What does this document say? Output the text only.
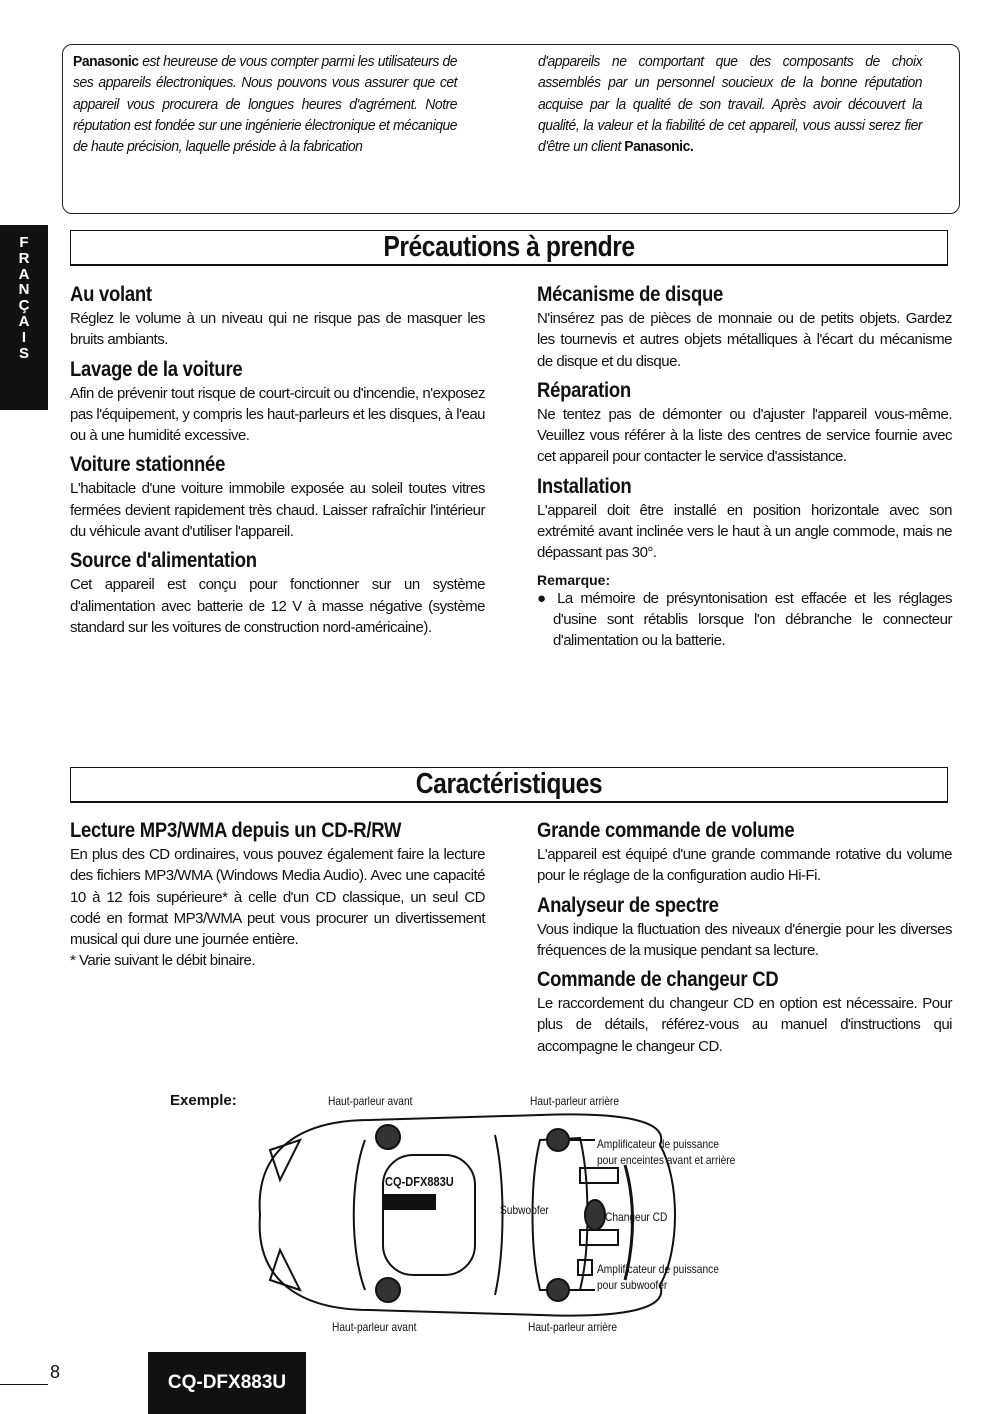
Panasonic est heureuse de vous compter parmi les utilisateurs de ses appareils électroniques. Nous pouvons vous assurer que cet appareil vous procurera de longues heures d'agrément. Notre réputation est fondée sur une ingénierie électronique et mécanique de haute précision, laquelle préside à la fabrication

d'appareils ne comportant que des composants de choix assemblés par un personnel soucieux de la bonne réputation acquise par la qualité de son travail. Après avoir découvert la qualité, la valeur et la fiabilité de cet appareil, vous aussi serez fier d'être un client Panasonic.

F
R
A
N
Ç
A
I
S
Précautions à prendre
Au volant

Réglez le volume à un niveau qui ne risque pas de masquer les bruits ambiants.

Lavage de la voiture

Afin de prévenir tout risque de court-circuit ou d'incendie, n'exposez pas l'équipement, y compris les haut-parleurs et les disques, à l'eau ou à une humidité excessive.

Voiture stationnée

L'habitacle d'une voiture immobile exposée au soleil toutes vitres fermées devient rapidement très chaud. Laisser rafraîchir l'intérieur du véhicule avant d'utiliser l'appareil.

Source d'alimentation

Cet appareil est conçu pour fonctionner sur un système d'alimentation avec batterie de 12 V à masse négative (système standard sur les voitures de construction nord-américaine).

Mécanisme de disque

N'insérez pas de pièces de monnaie ou de petits objets. Gardez les tournevis et autres objets métalliques à l'écart du mécanisme de disque et du disque.

Réparation

Ne tentez pas de démonter ou d'ajuster l'appareil vous-même. Veuillez vous référer à la liste des centres de service fournie avec cet appareil pour contacter le service d'assistance.

Installation

L'appareil doit être installé en position horizontale avec son extrémité avant inclinée vers le haut à un angle commode, mais ne dépassant pas 30°.

Remarque:

● La mémoire de présyntonisation est effacée et les réglages d'usine sont rétablis lorsque l'on débranche le connecteur d'alimentation ou la batterie.

Caractéristiques
Lecture MP3/WMA depuis un CD-R/RW

En plus des CD ordinaires, vous pouvez également faire la lecture des fichiers MP3/WMA (Windows Media Audio). Avec une capacité 10 à 12 fois supérieure* à celle d'un CD classique, un seul CD codé en format MP3/WMA peut vous procurer un divertissement musical qui dure une journée entière.

* Varie suivant le débit binaire.

Grande commande de volume

L'appareil est équipé d'une grande commande rotative du volume pour le réglage de la configuration audio Hi-Fi.

Analyseur de spectre

Vous indique la fluctuation des niveaux d'énergie pour les diverses fréquences de la musique pendant sa lecture.

Commande de changeur CD

Le raccordement du changeur CD en option est nécessaire. Pour plus de détails, référez-vous au manuel d'instructions qui accompagne le changeur CD.

Exemple:	Haut-parleur avant	Haut-parleur arrière
Amplificateur de puissance
pour enceintes avant et arrière
CQ-DFX883U
Subwoofer	Changeur CD
Amplificateur de puissance
pour subwoofer
Haut-parleur avant	Haut-parleur arrière
8	CQ-DFX883U
